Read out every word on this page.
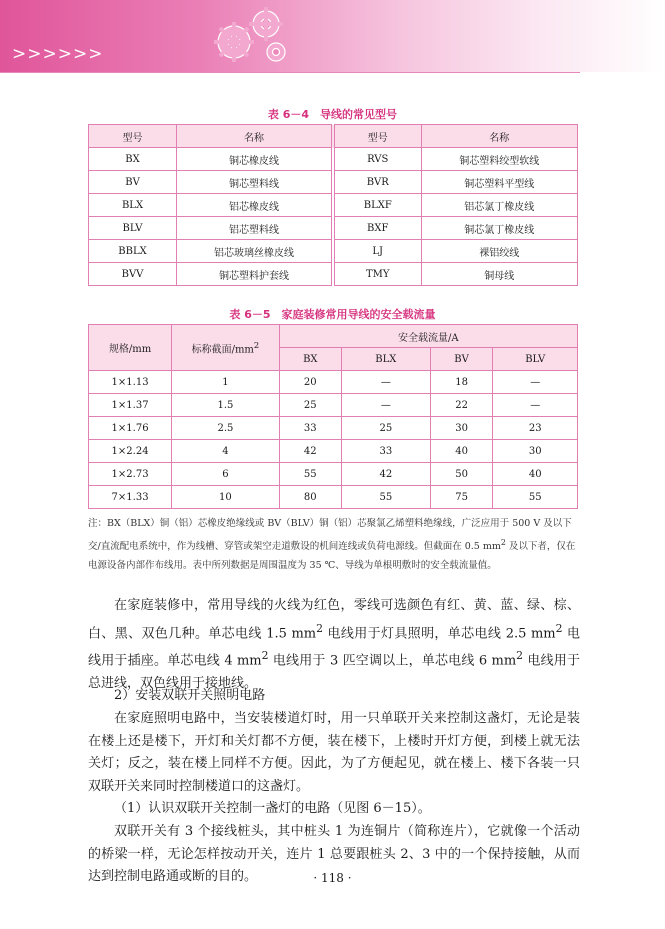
>>>>>>
表 6－4　导线的常见型号
型号	名称	型号	名称
BX	铜芯橡皮线	RVS	铜芯塑料绞型软线
BV	铜芯塑料线	BVR	铜芯塑料平型线
BLX	铝芯橡皮线	BLXF	铝芯氯丁橡皮线
BLV	铝芯塑料线	BXF	铜芯氯丁橡皮线
BBLX	铝芯玻璃丝橡皮线	LJ	裸铝绞线
BVV	铜芯塑料护套线	TMY	铜母线
表 6－5　家庭装修常用导线的安全载流量
规格/mm	标称截面$/mm^2$	安全载流量/A			
		BX	BLX	BV	BLV
1×1.13	1	20	—	18	—
1×1.37	1.5	25	—	22	—
1×1.76	2.5	33	25	30	23
1×2.24	4	42	33	40	30
1×2.73	6	55	42	50	40
7×1.33	10	80	55	75	55
注：BX（BLX）铜（铝）芯橡皮绝缘线或 BV（BLV）铜（铝）芯聚氯乙烯塑料绝缘线，广泛应用于 500 V 及以下交/直流配电系统中，作为线槽、穿管或架空走道敷设的机间连线或负荷电源线。但截面在 0.5 $mm^2$ 及以下者，仅在电源设备内部作布线用。表中所列数据是周围温度为 35 ℃、导线为单根明敷时的安全载流量值。
在家庭装修中，常用导线的火线为红色，零线可选颜色有红、黄、蓝、绿、棕、白、黑、双色几种。单芯电线 1.5 $mm^2$ 电线用于灯具照明，单芯电线 2.5 $mm^2$ 电线用于插座。单芯电线 4 $mm^2$ 电线用于 3 匹空调以上，单芯电线 6 $mm^2$ 电线用于总进线，双色线用于接地线。
2）安装双联开关照明电路
在家庭照明电路中，当安装楼道灯时，用一只单联开关来控制这盏灯，无论是装在楼上还是楼下，开灯和关灯都不方便，装在楼下，上楼时开灯方便，到楼上就无法关灯；反之，装在楼上同样不方便。因此，为了方便起见，就在楼上、楼下各装一只双联开关来同时控制楼道口的这盏灯。
（1）认识双联开关控制一盏灯的电路（见图 6－15）。
双联开关有 3 个接线桩头，其中桩头 1 为连铜片（简称连片），它就像一个活动的桥梁一样，无论怎样按动开关，连片 1 总要跟桩头 2、3 中的一个保持接触，从而达到控制电路通或断的目的。	· 118 ·
